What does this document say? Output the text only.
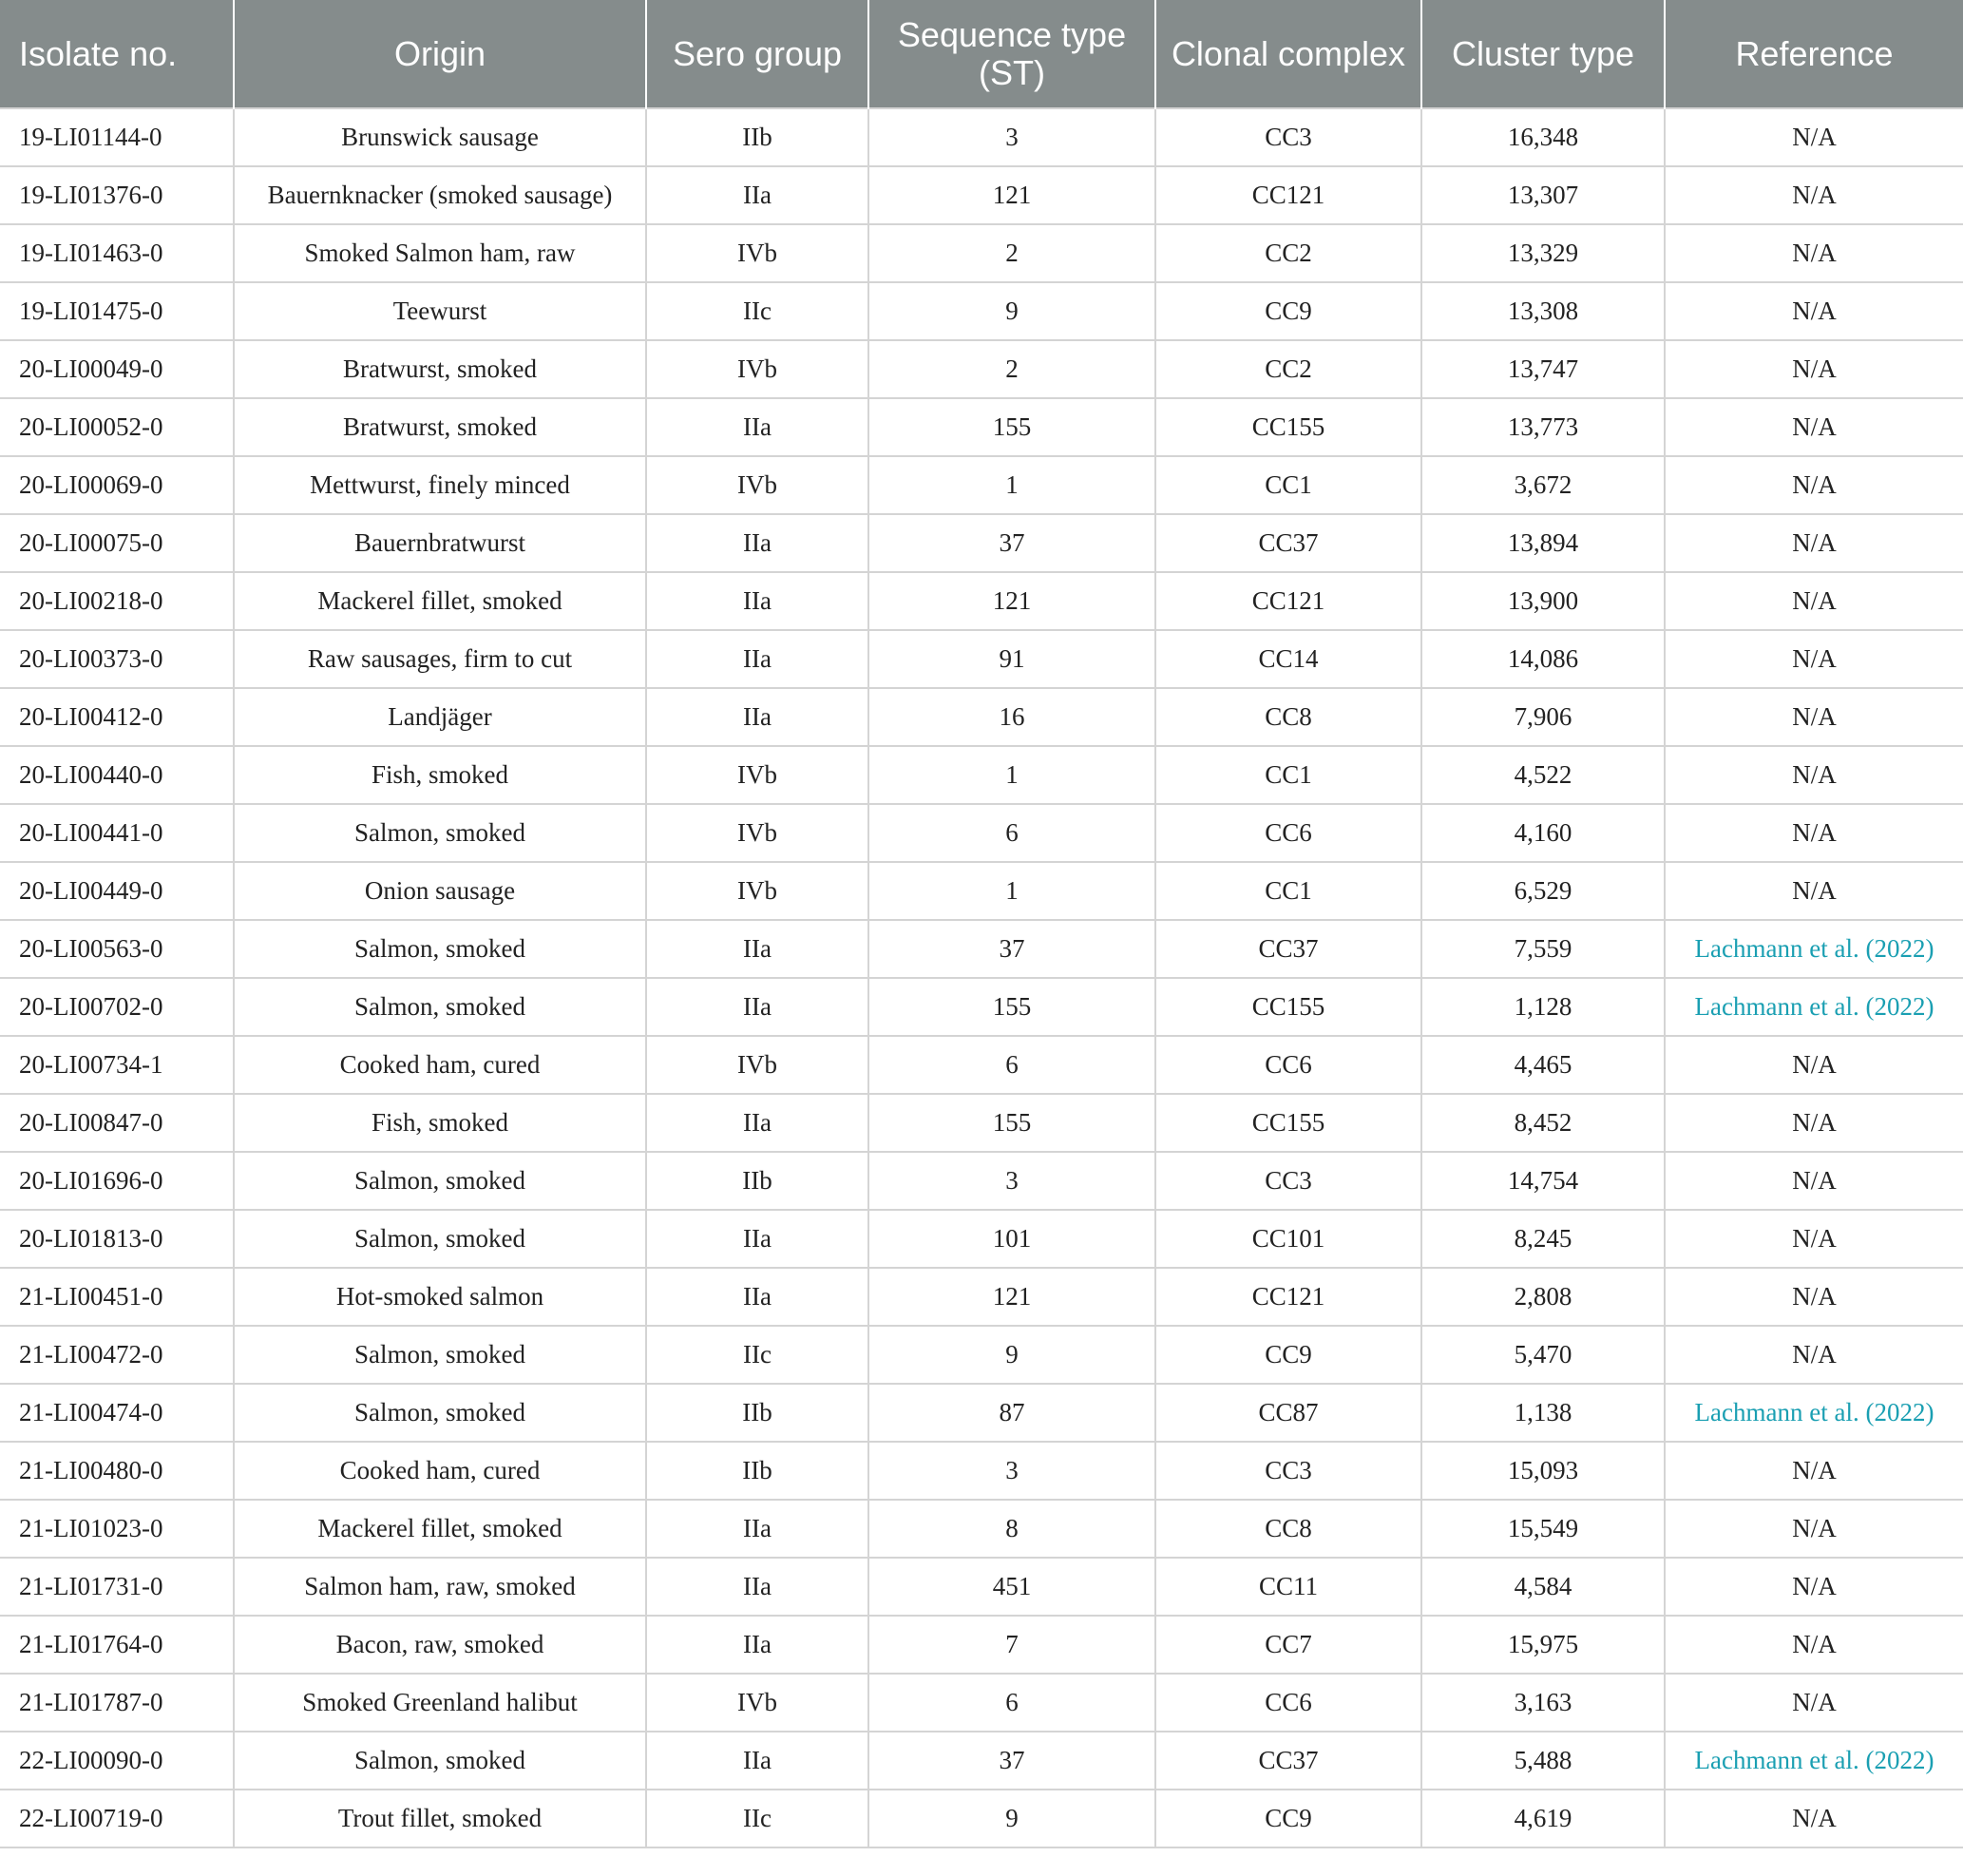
Isolate no.	Origin	Sero group	Sequence type (ST)	Clonal complex	Cluster type	Reference
19-LI01144-0	Brunswick sausage	IIb	3	CC3	16,348	N/A
19-LI01376-0	Bauernknacker (smoked sausage)	IIa	121	CC121	13,307	N/A
19-LI01463-0	Smoked Salmon ham, raw	IVb	2	CC2	13,329	N/A
19-LI01475-0	Teewurst	IIc	9	CC9	13,308	N/A
20-LI00049-0	Bratwurst, smoked	IVb	2	CC2	13,747	N/A
20-LI00052-0	Bratwurst, smoked	IIa	155	CC155	13,773	N/A
20-LI00069-0	Mettwurst, finely minced	IVb	1	CC1	3,672	N/A
20-LI00075-0	Bauernbratwurst	IIa	37	CC37	13,894	N/A
20-LI00218-0	Mackerel fillet, smoked	IIa	121	CC121	13,900	N/A
20-LI00373-0	Raw sausages, firm to cut	IIa	91	CC14	14,086	N/A
20-LI00412-0	Landjäger	IIa	16	CC8	7,906	N/A
20-LI00440-0	Fish, smoked	IVb	1	CC1	4,522	N/A
20-LI00441-0	Salmon, smoked	IVb	6	CC6	4,160	N/A
20-LI00449-0	Onion sausage	IVb	1	CC1	6,529	N/A
20-LI00563-0	Salmon, smoked	IIa	37	CC37	7,559	Lachmann et al. (2022)
20-LI00702-0	Salmon, smoked	IIa	155	CC155	1,128	Lachmann et al. (2022)
20-LI00734-1	Cooked ham, cured	IVb	6	CC6	4,465	N/A
20-LI00847-0	Fish, smoked	IIa	155	CC155	8,452	N/A
20-LI01696-0	Salmon, smoked	IIb	3	CC3	14,754	N/A
20-LI01813-0	Salmon, smoked	IIa	101	CC101	8,245	N/A
21-LI00451-0	Hot-smoked salmon	IIa	121	CC121	2,808	N/A
21-LI00472-0	Salmon, smoked	IIc	9	CC9	5,470	N/A
21-LI00474-0	Salmon, smoked	IIb	87	CC87	1,138	Lachmann et al. (2022)
21-LI00480-0	Cooked ham, cured	IIb	3	CC3	15,093	N/A
21-LI01023-0	Mackerel fillet, smoked	IIa	8	CC8	15,549	N/A
21-LI01731-0	Salmon ham, raw, smoked	IIa	451	CC11	4,584	N/A
21-LI01764-0	Bacon, raw, smoked	IIa	7	CC7	15,975	N/A
21-LI01787-0	Smoked Greenland halibut	IVb	6	CC6	3,163	N/A
22-LI00090-0	Salmon, smoked	IIa	37	CC37	5,488	Lachmann et al. (2022)
22-LI00719-0	Trout fillet, smoked	IIc	9	CC9	4,619	N/A
